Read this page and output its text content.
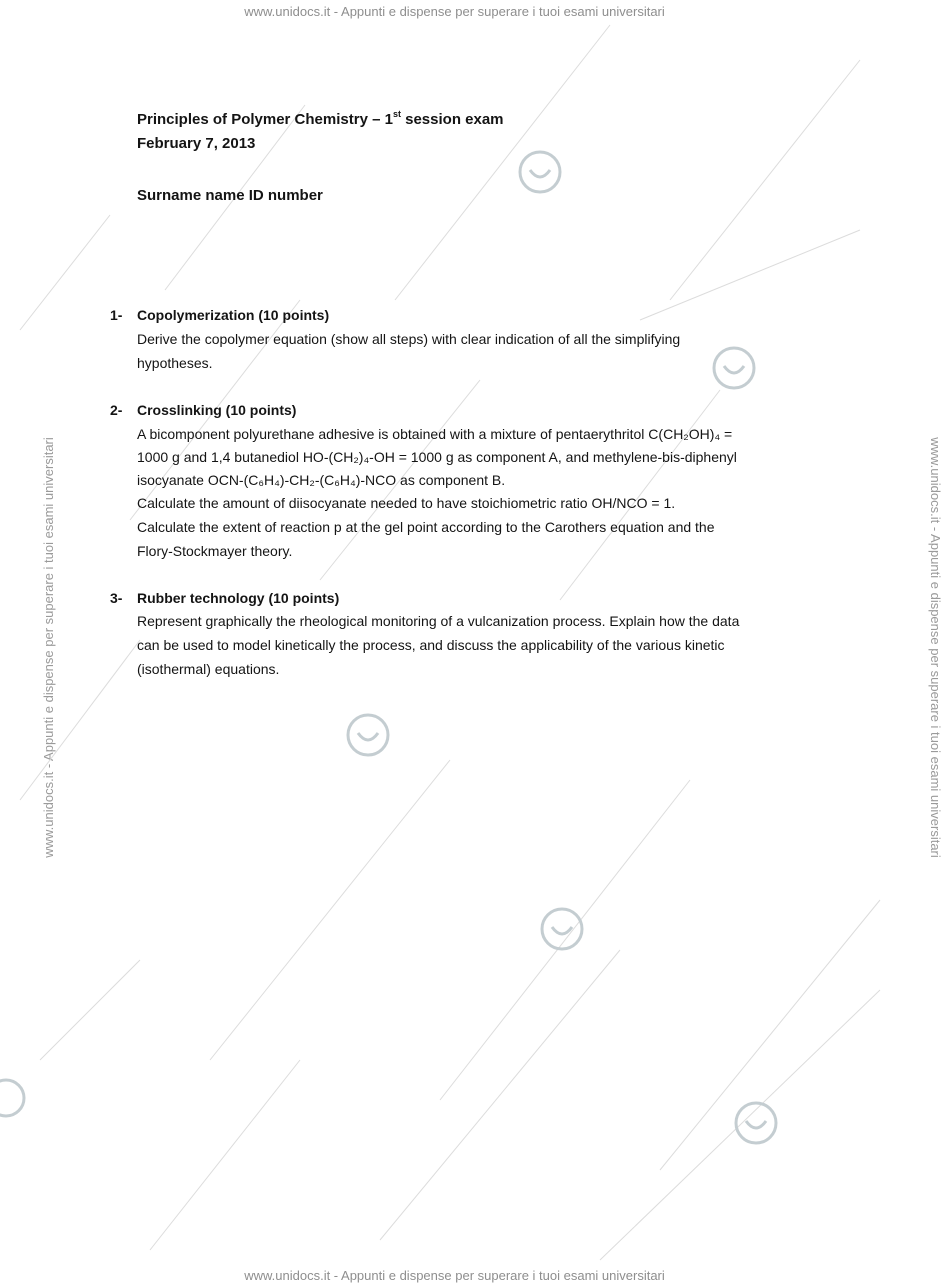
www.unidocs.it - Appunti e dispense per superare i tuoi esami universitari
www.unidocs.it - Appunti e dispense per superare i tuoi esami universitari
www.unidocs.it - Appunti e dispense per superare i tuoi esami universitari	www.unidocs.it - Appunti e dispense per superare i tuoi esami universitari
Principles of Polymer Chemistry – 1st session exam
February 7, 2013
Surname name ID number
1- Copolymerization (10 points)
Derive the copolymer equation (show all steps) with clear indication of all the simplifying
hypotheses.
2- Crosslinking (10 points)
A bicomponent polyurethane adhesive is obtained with a mixture of pentaerythritol C(CH₂OH)₄ =
1000 g and 1,4 butanediol HO-(CH₂)₄-OH = 1000 g as component A, and methylene-bis-diphenyl
isocyanate OCN-(C₆H₄)-CH₂-(C₆H₄)-NCO as component B.
Calculate the amount of diisocyanate needed to have stoichiometric ratio OH/NCO = 1.
Calculate the extent of reaction p at the gel point according to the Carothers equation and the
Flory-Stockmayer theory.
3- Rubber technology (10 points)
Represent graphically the rheological monitoring of a vulcanization process. Explain how the data
can be used to model kinetically the process, and discuss the applicability of the various kinetic
(isothermal) equations.
